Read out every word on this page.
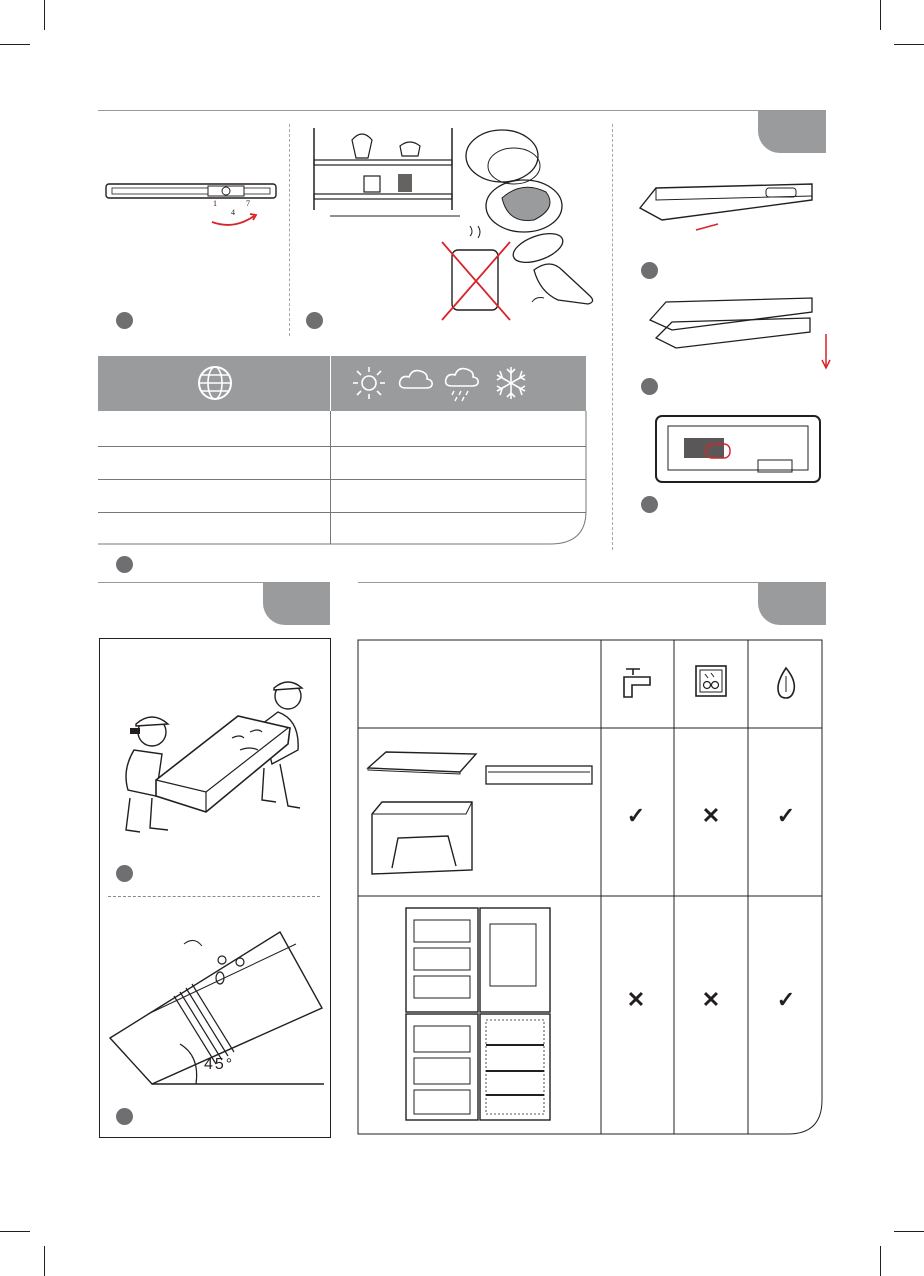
1
4
7
45°
✓	✕	✓
✕	✕	✓
